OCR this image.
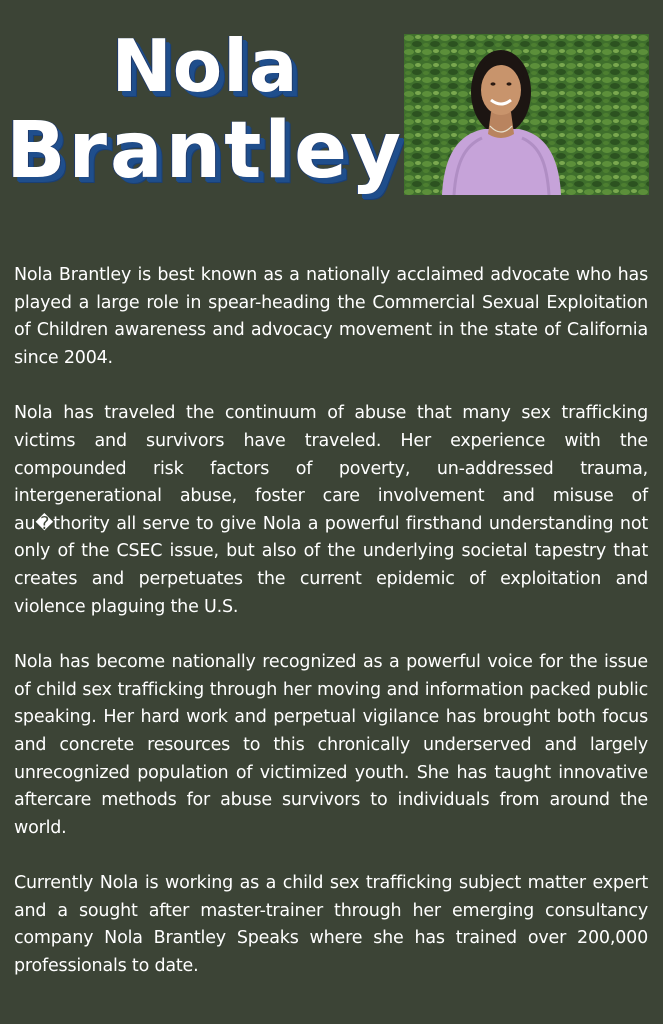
Nola
Brantley

Nola Brantley is best known as a nationally acclaimed advocate who has played a large role in spear-heading the Commercial Sexual Exploitation of Children awareness and advocacy movement in the state of California since 2004.

Nola has traveled the continuum of abuse that many sex trafficking victims and survivors have traveled. Her experience with the compounded risk factors of poverty, un-addressed trauma, intergenerational abuse, foster care involvement and misuse of au�thority all serve to give Nola a powerful firsthand understanding not only of the CSEC issue, but also of the underlying societal tapestry that creates and perpetuates the current epidemic of exploitation and violence plaguing the U.S.

Nola has become nationally recognized as a powerful voice for the issue of child sex trafficking through her moving and information packed public speaking. Her hard work and perpetual vigilance has brought both focus and concrete resources to this chronically underserved and largely unrecognized population of victimized youth. She has taught innovative aftercare methods for abuse survivors to individuals from around the world.

Currently Nola is working as a child sex trafficking subject matter expert and a sought after master-trainer through her emerging consultancy company Nola Brantley Speaks where she has trained over 200,000 professionals to date.
